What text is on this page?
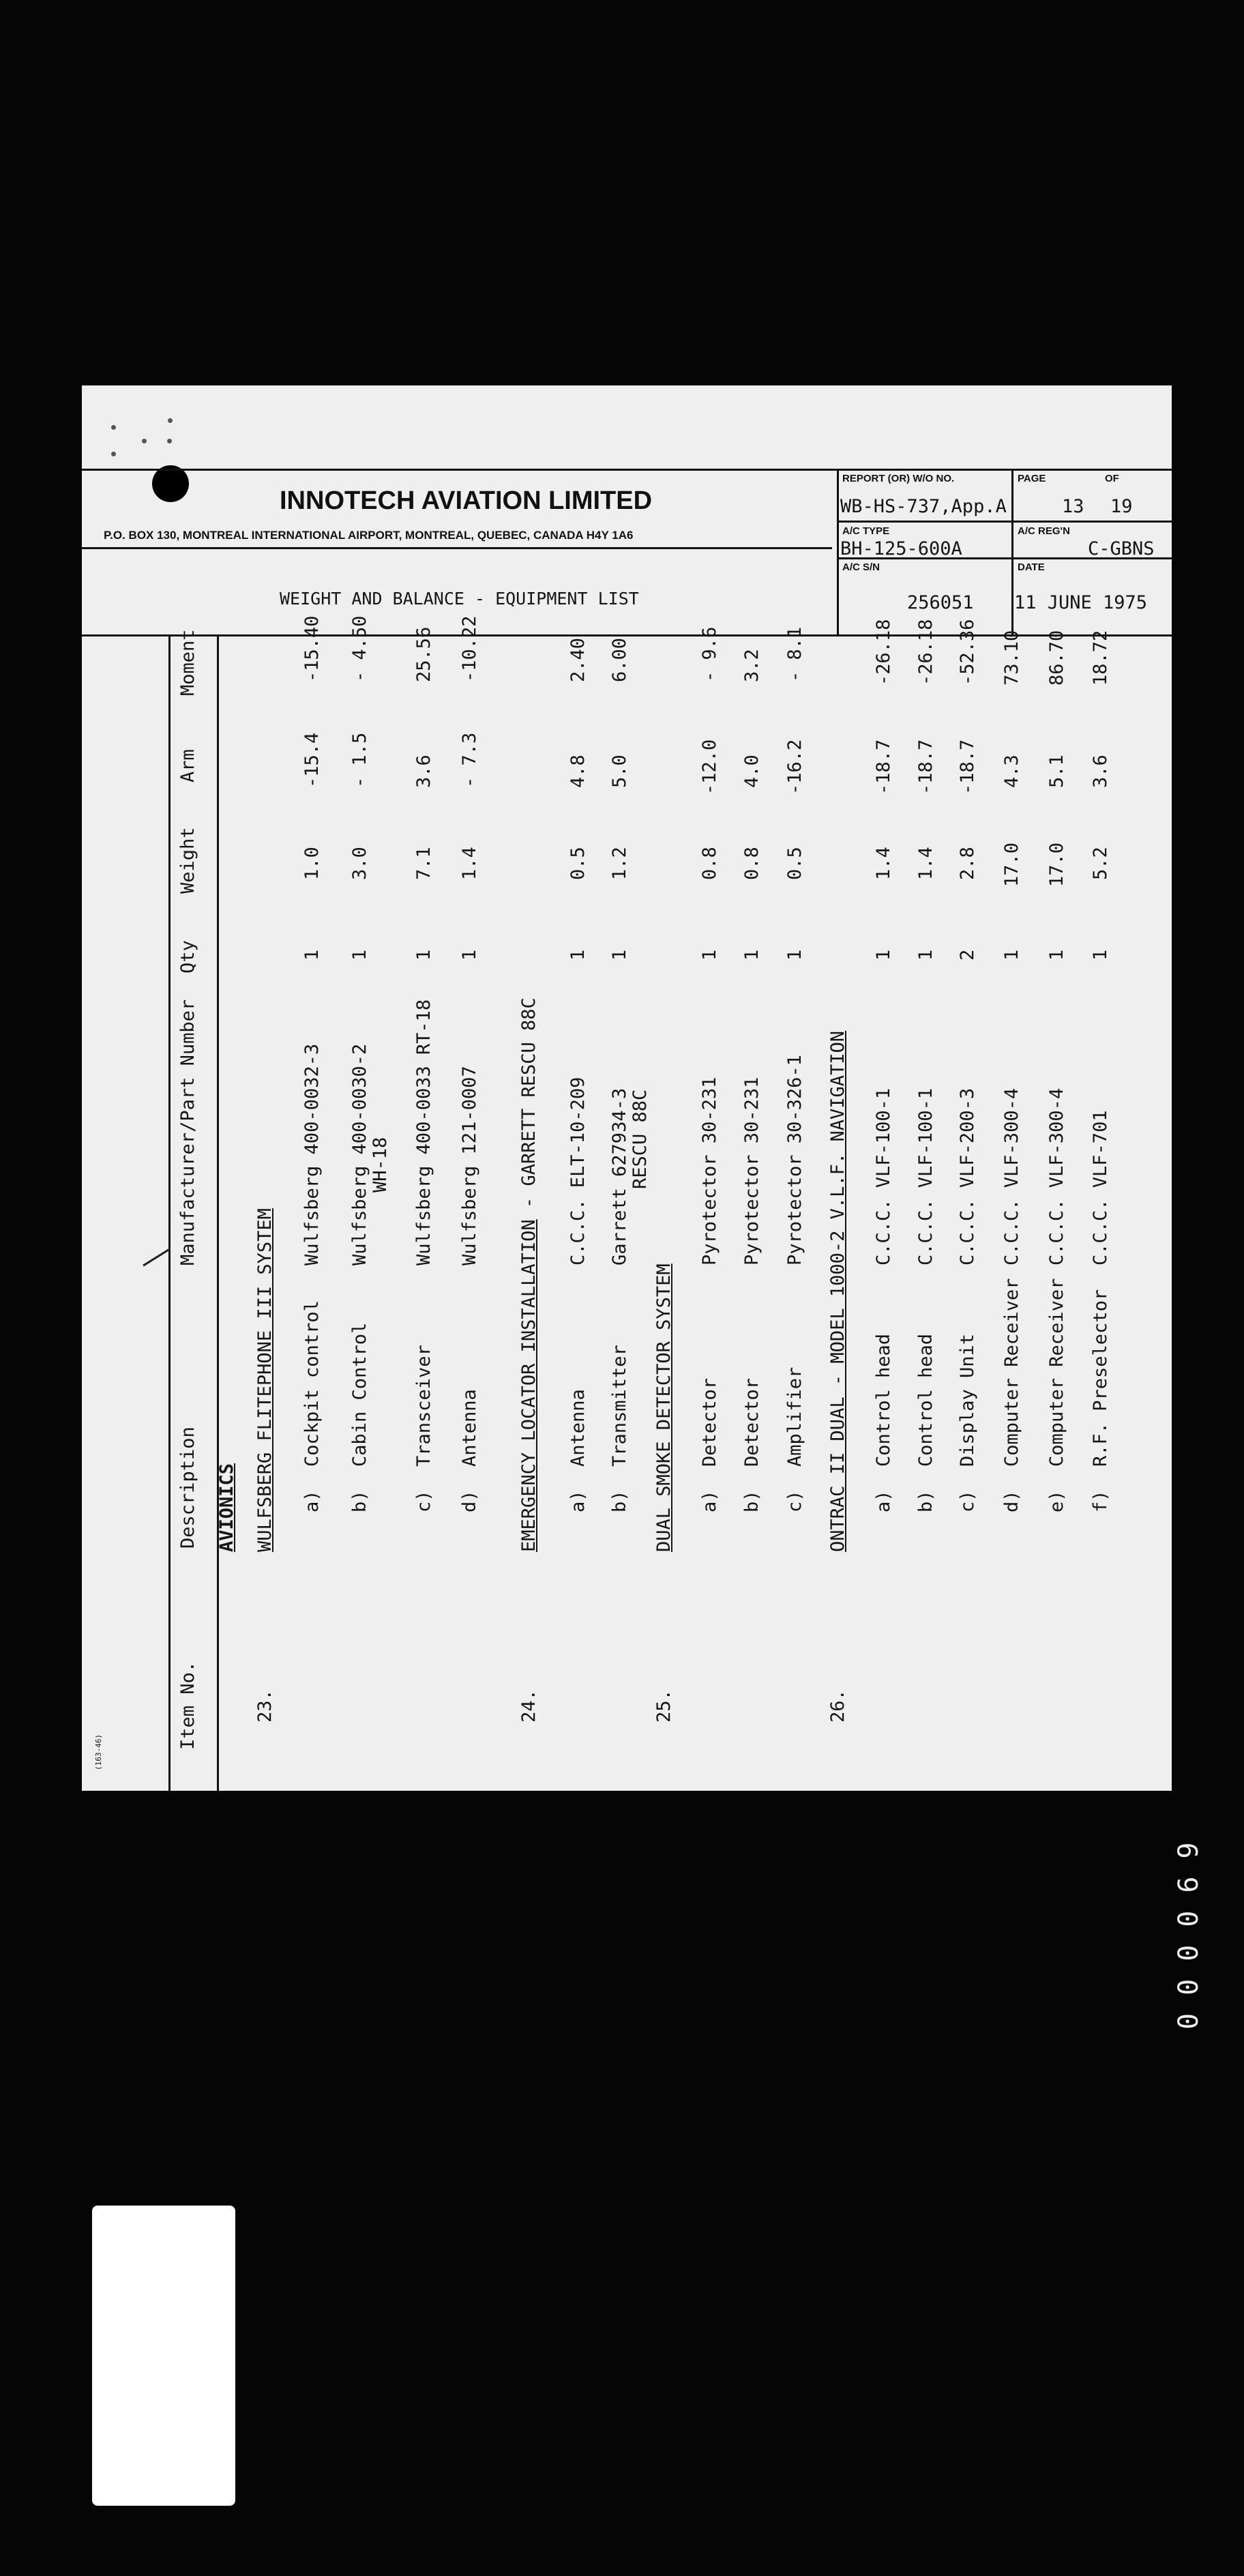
INNOTECH AVIATION LIMITED
P.O. BOX 130, MONTREAL INTERNATIONAL AIRPORT, MONTREAL, QUEBEC, CANADA H4Y 1A6
WEIGHT AND BALANCE - EQUIPMENT LIST
REPORT (OR) W/O NO.
WB-HS-737,App.A
PAGE	OF
13 19
A/C TYPE
BH-125-600A
A/C REG'N
C-GBNS
A/C S/N
256051
DATE
11 JUNE 1975
(163-46)
Item No.
Description
Manufacturer/Part Number
Qty
Weight
Arm
Moment
AVIONICS
23.
WULFSBERG FLITEPHONE III SYSTEM a)
Cockpit control
Wulfsberg 400-0032-3
1
1.0
-15.4
-15.40
b)
Cabin Control
Wulfsberg 400-0030-2 WH-18
1
3.0
- 1.5
- 4.50
c)
Transceiver
Wulfsberg 400-0033 RT-18
1
7.1
3.6
25.56
d)
Antenna
Wulfsberg 121-0007
1
1.4
- 7.3
-10.22
24.
EMERGENCY LOCATOR INSTALLATION - GARRETT RESCU 88C
a)
Antenna
C.C.C. ELT-10-209
1
0.5
4.8
2.40
b)
Transmitter
Garrett 627934-3 RESCU 88C
1
1.2
5.0
6.00
25.
DUAL SMOKE DETECTOR SYSTEM a)
Detector
Pyrotector 30-231
1
0.8
-12.0
- 9.6
b)
Detector
Pyrotector 30-231
1
0.8
4.0
3.2
c)
Amplifier
Pyrotector 30-326-1
1
0.5
-16.2
- 8.1
26.
ONTRAC II DUAL - MODEL 1000-2 V.L.F. NAVIGATION a)
Control head
C.C.C. VLF-100-1
1
1.4
-18.7
-26.18
b)
Control head
C.C.C. VLF-100-1
1
1.4
-18.7
-26.18
c)
Display Unit
C.C.C. VLF-200-3
2
2.8
-18.7
-52.36
d)
Computer Receiver
C.C.C. VLF-300-4
1
17.0
4.3
73.10
e)
Computer Receiver
C.C.C. VLF-300-4
1
17.0
5.1
86.70
f)
R.F. Preselector
C.C.C. VLF-701
1
5.2
3.6
18.72
000069
